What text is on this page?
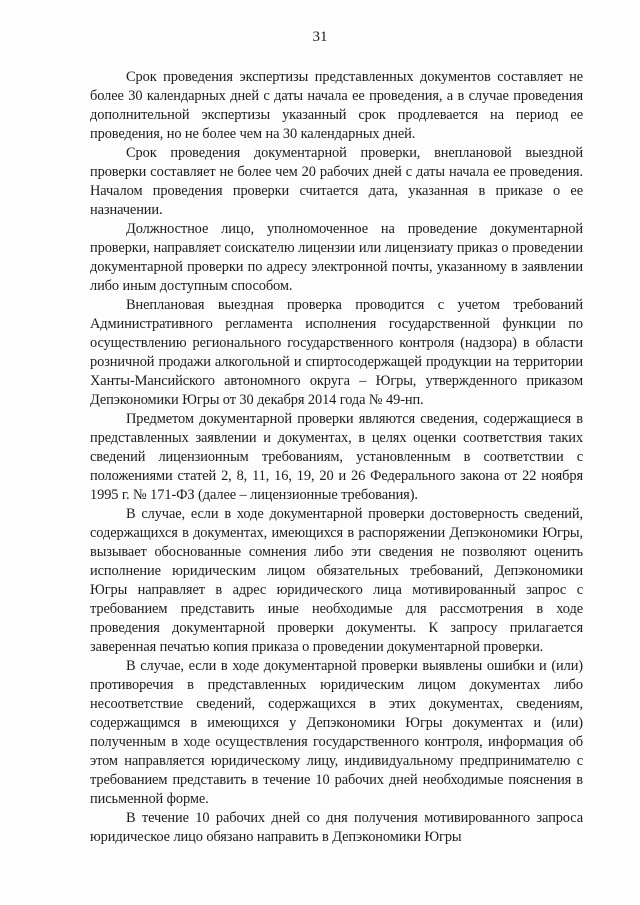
31

Срок проведения экспертизы представленных документов составляет не более 30 календарных дней с даты начала ее проведения, а в случае проведения дополнительной экспертизы указанный срок продлевается на период ее проведения, но не более чем на 30 календарных дней.

Срок проведения документарной проверки, внеплановой выездной проверки составляет не более чем 20 рабочих дней с даты начала ее проведения. Началом проведения проверки считается дата, указанная в приказе о ее назначении.

Должностное лицо, уполномоченное на проведение документарной проверки, направляет соискателю лицензии или лицензиату приказ о проведении документарной проверки по адресу электронной почты, указанному в заявлении либо иным доступным способом.

Внеплановая выездная проверка проводится с учетом требований Административного регламента исполнения государственной функции по осуществлению регионального государственного контроля (надзора) в области розничной продажи алкогольной и спиртосодержащей продукции на территории Ханты-Мансийского автономного округа – Югры, утвержденного приказом Депэкономики Югры от 30 декабря 2014 года № 49-нп.

Предметом документарной проверки являются сведения, содержащиеся в представленных заявлении и документах, в целях оценки соответствия таких сведений лицензионным требованиям, установленным в соответствии с положениями статей 2, 8, 11, 16, 19, 20 и 26 Федерального закона от 22 ноября 1995 г. № 171-ФЗ (далее – лицензионные требования).

В случае, если в ходе документарной проверки достоверность сведений, содержащихся в документах, имеющихся в распоряжении Депэкономики Югры, вызывает обоснованные сомнения либо эти сведения не позволяют оценить исполнение юридическим лицом обязательных требований, Депэкономики Югры направляет в адрес юридического лица мотивированный запрос с требованием представить иные необходимые для рассмотрения в ходе проведения документарной проверки документы. К запросу прилагается заверенная печатью копия приказа о проведении документарной проверки.

В случае, если в ходе документарной проверки выявлены ошибки и (или) противоречия в представленных юридическим лицом документах либо несоответствие сведений, содержащихся в этих документах, сведениям, содержащимся в имеющихся у Депэкономики Югры документах и (или) полученным в ходе осуществления государственного контроля, информация об этом направляется юридическому лицу, индивидуальному предпринимателю с требованием представить в течение 10 рабочих дней необходимые пояснения в письменной форме.

В течение 10 рабочих дней со дня получения мотивированного запроса юридическое лицо обязано направить в Депэкономики Югры
